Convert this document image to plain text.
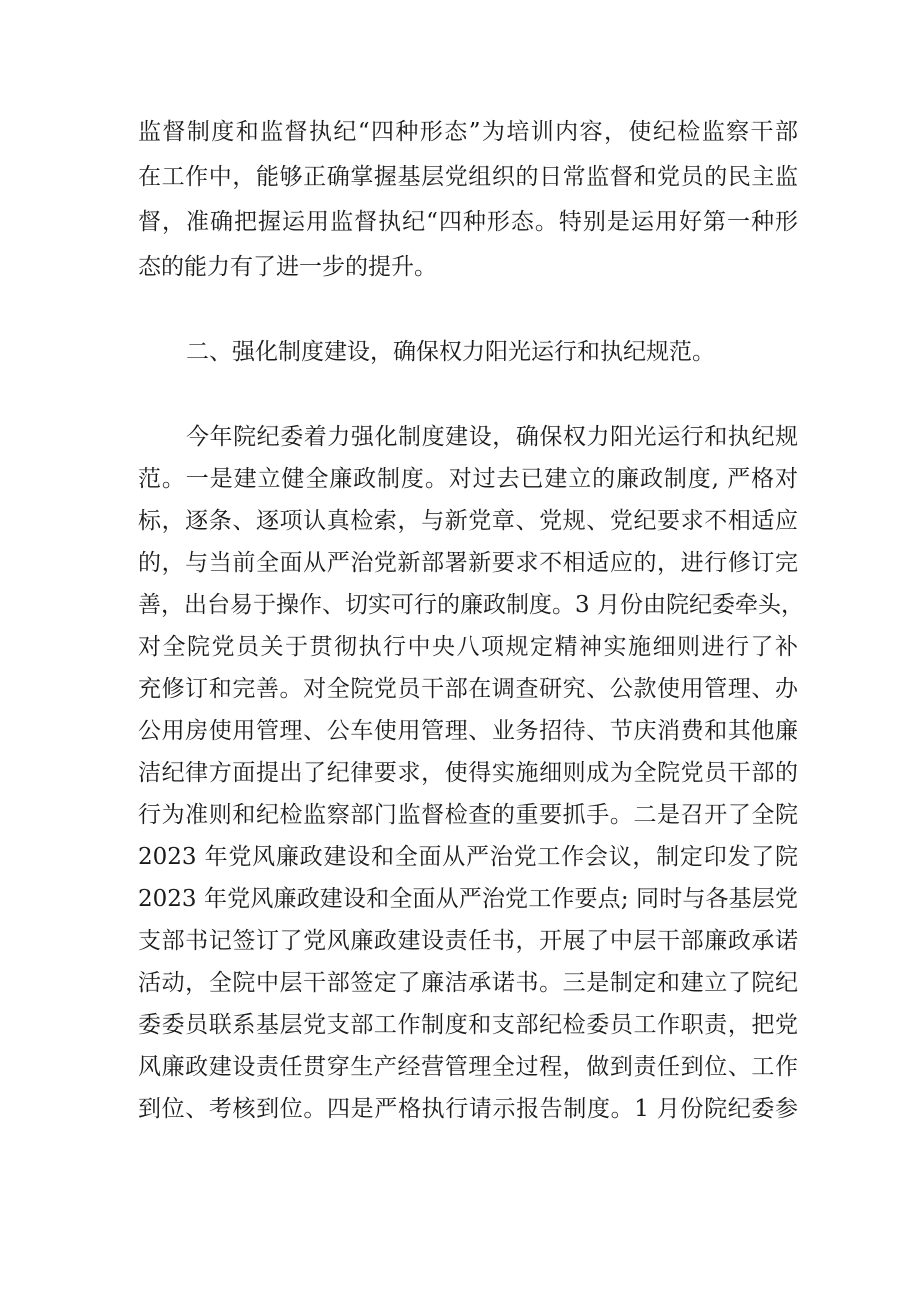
监督制度和监督执纪“四种形态”为培训内容，使纪检监察干部
在工作中，能够正确掌握基层党组织的日常监督和党员的民主监
督，准确把握运用监督执纪“四种形态。特别是运用好第一种形
态的能力有了进一步的提升。
二、强化制度建设，确保权力阳光运行和执纪规范。
今年院纪委着力强化制度建设，确保权力阳光运行和执纪规
范。一是建立健全廉政制度。对过去已建立的廉政制度, 严格对
标，逐条、逐项认真检索，与新党章、党规、党纪要求不相适应
的，与当前全面从严治党新部署新要求不相适应的，进行修订完
善，出台易于操作、切实可行的廉政制度。3 月份由院纪委牵头，
对全院党员关于贯彻执行中央八项规定精神实施细则进行了补
充修订和完善。对全院党员干部在调查研究、公款使用管理、办
公用房使用管理、公车使用管理、业务招待、节庆消费和其他廉
洁纪律方面提出了纪律要求，使得实施细则成为全院党员干部的
行为准则和纪检监察部门监督检查的重要抓手。二是召开了全院
2023 年党风廉政建设和全面从严治党工作会议，制定印发了院
2023 年党风廉政建设和全面从严治党工作要点; 同时与各基层党
支部书记签订了党风廉政建设责任书，开展了中层干部廉政承诺
活动，全院中层干部签定了廉洁承诺书。三是制定和建立了院纪
委委员联系基层党支部工作制度和支部纪检委员工作职责，把党
风廉政建设责任贯穿生产经营管理全过程，做到责任到位、工作
到位、考核到位。四是严格执行请示报告制度。1 月份院纪委参
